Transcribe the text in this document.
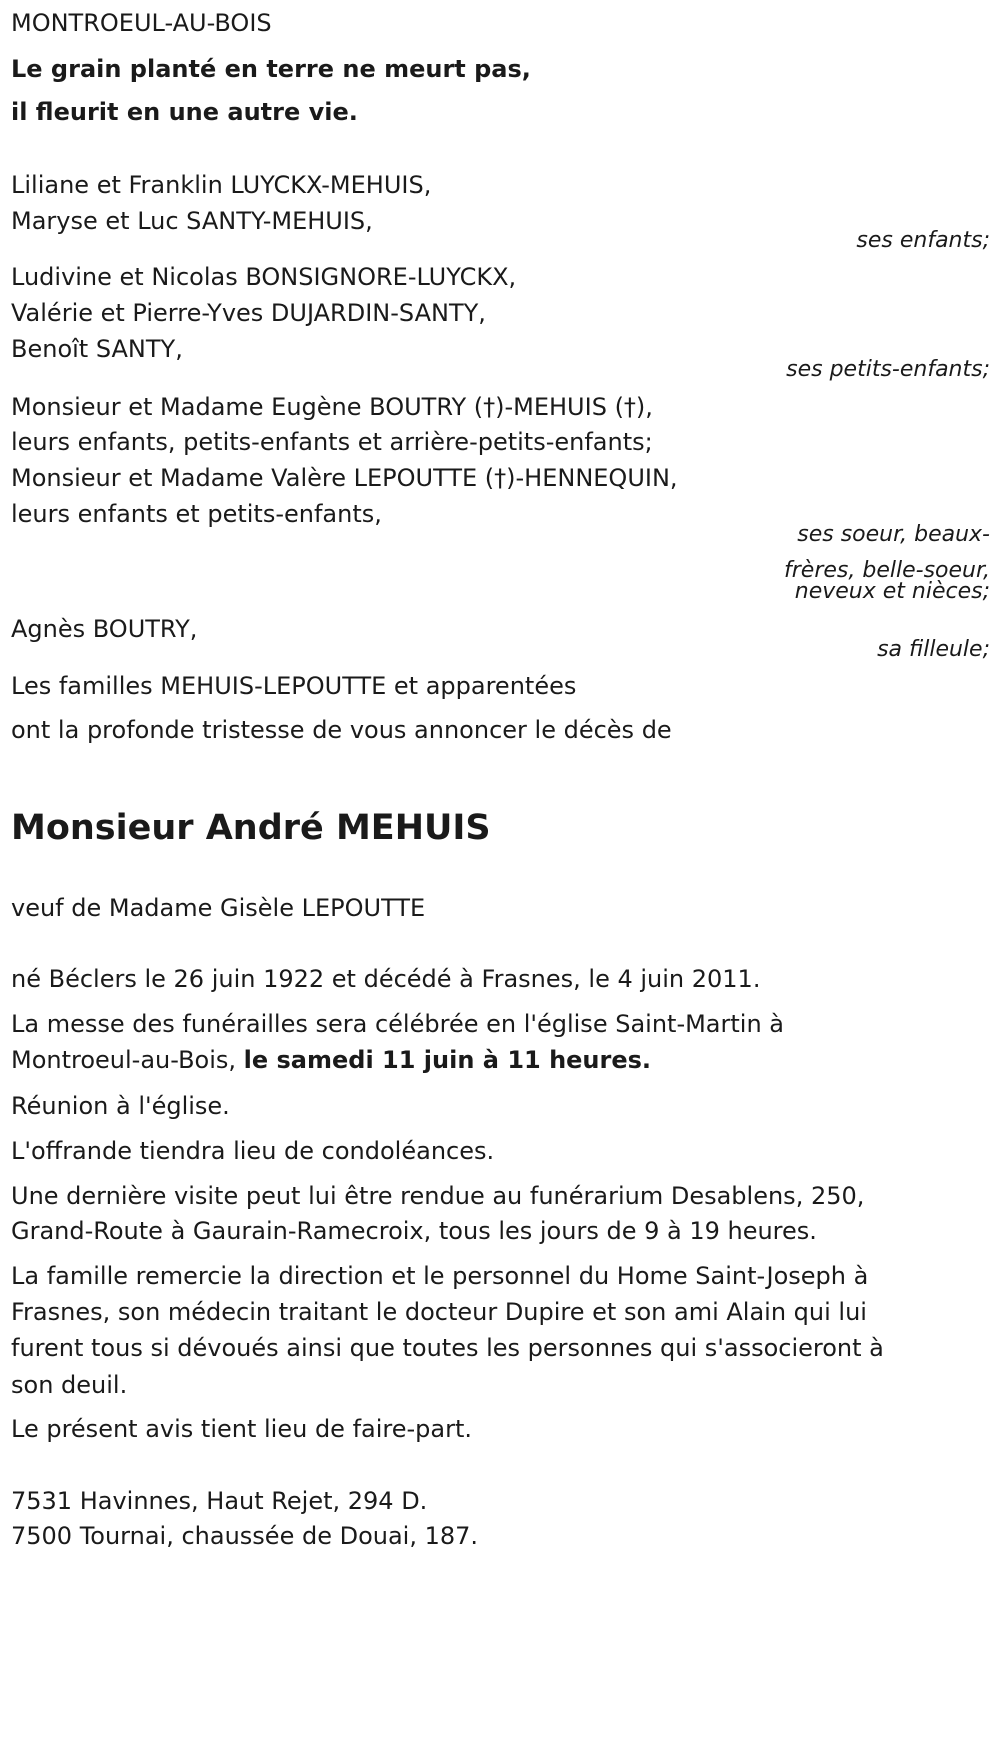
MONTROEUL-AU-BOIS
Le grain planté en terre ne meurt pas,
il fleurit en une autre vie.
Liliane et Franklin LUYCKX-MEHUIS,
Maryse et Luc SANTY-MEHUIS,
ses enfants;
Ludivine et Nicolas BONSIGNORE-LUYCKX,
Valérie et Pierre-Yves DUJARDIN-SANTY,
Benoît SANTY,
ses petits-enfants;
Monsieur et Madame Eugène BOUTRY (†)-MEHUIS (†),
leurs enfants, petits-enfants et arrière-petits-enfants;
Monsieur et Madame Valère LEPOUTTE (†)-HENNEQUIN,
leurs enfants et petits-enfants,
ses soeur, beaux-
frères, belle-soeur,
neveux et nièces;
Agnès BOUTRY,
sa filleule;
Les familles MEHUIS-LEPOUTTE et apparentées
ont la profonde tristesse de vous annoncer le décès de
Monsieur André MEHUIS
veuf de Madame Gisèle LEPOUTTE
né Béclers le 26 juin 1922 et décédé à Frasnes, le 4 juin 2011.
La messe des funérailles sera célébrée en l'église Saint-Martin à
Montroeul-au-Bois, le samedi 11 juin à 11 heures.
Réunion à l'église.
L'offrande tiendra lieu de condoléances.
Une dernière visite peut lui être rendue au funérarium Desablens, 250,
Grand-Route à Gaurain-Ramecroix, tous les jours de 9 à 19 heures.
La famille remercie la direction et le personnel du Home Saint-Joseph à
Frasnes, son médecin traitant le docteur Dupire et son ami Alain qui lui
furent tous si dévoués ainsi que toutes les personnes qui s'associeront à
son deuil.
Le présent avis tient lieu de faire-part.
7531 Havinnes, Haut Rejet, 294 D.
7500 Tournai, chaussée de Douai, 187.
